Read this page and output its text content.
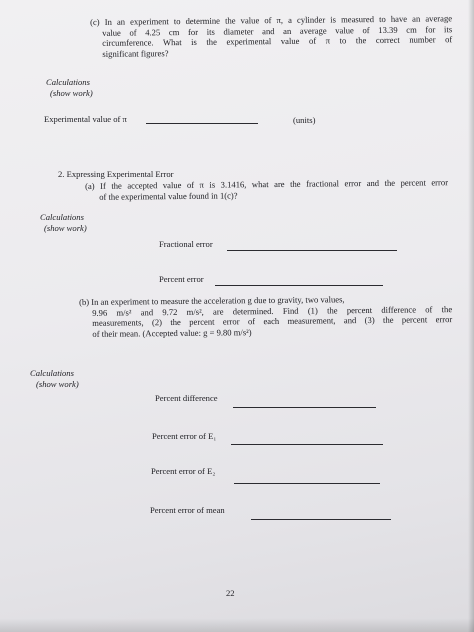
(c) In an experiment to determine the value of π, a cylinder is measured to have an average
value of 4.25 cm for its diameter and an average value of 13.39 cm for its
circumference. What is the experimental value of π to the correct number of
significant figures?
Calculations
(show work)
Experimental value of π	(units)
2. Expressing Experimental Error
(a) If the accepted value of π is 3.1416, what are the fractional error and the percent error
of the experimental value found in 1(c)?
Calculations
(show work)
Fractional error
Percent error
(b) In an experiment to measure the acceleration g due to gravity, two values,
9.96 m/s² and 9.72 m/s², are determined. Find (1) the percent difference of the
measurements, (2) the percent error of each measurement, and (3) the percent error
of their mean. (Accepted value: g = 9.80 m/s²)
Calculations
(show work)
Percent difference
Percent error of E₁
Percent error of E₂
Percent error of mean
22
